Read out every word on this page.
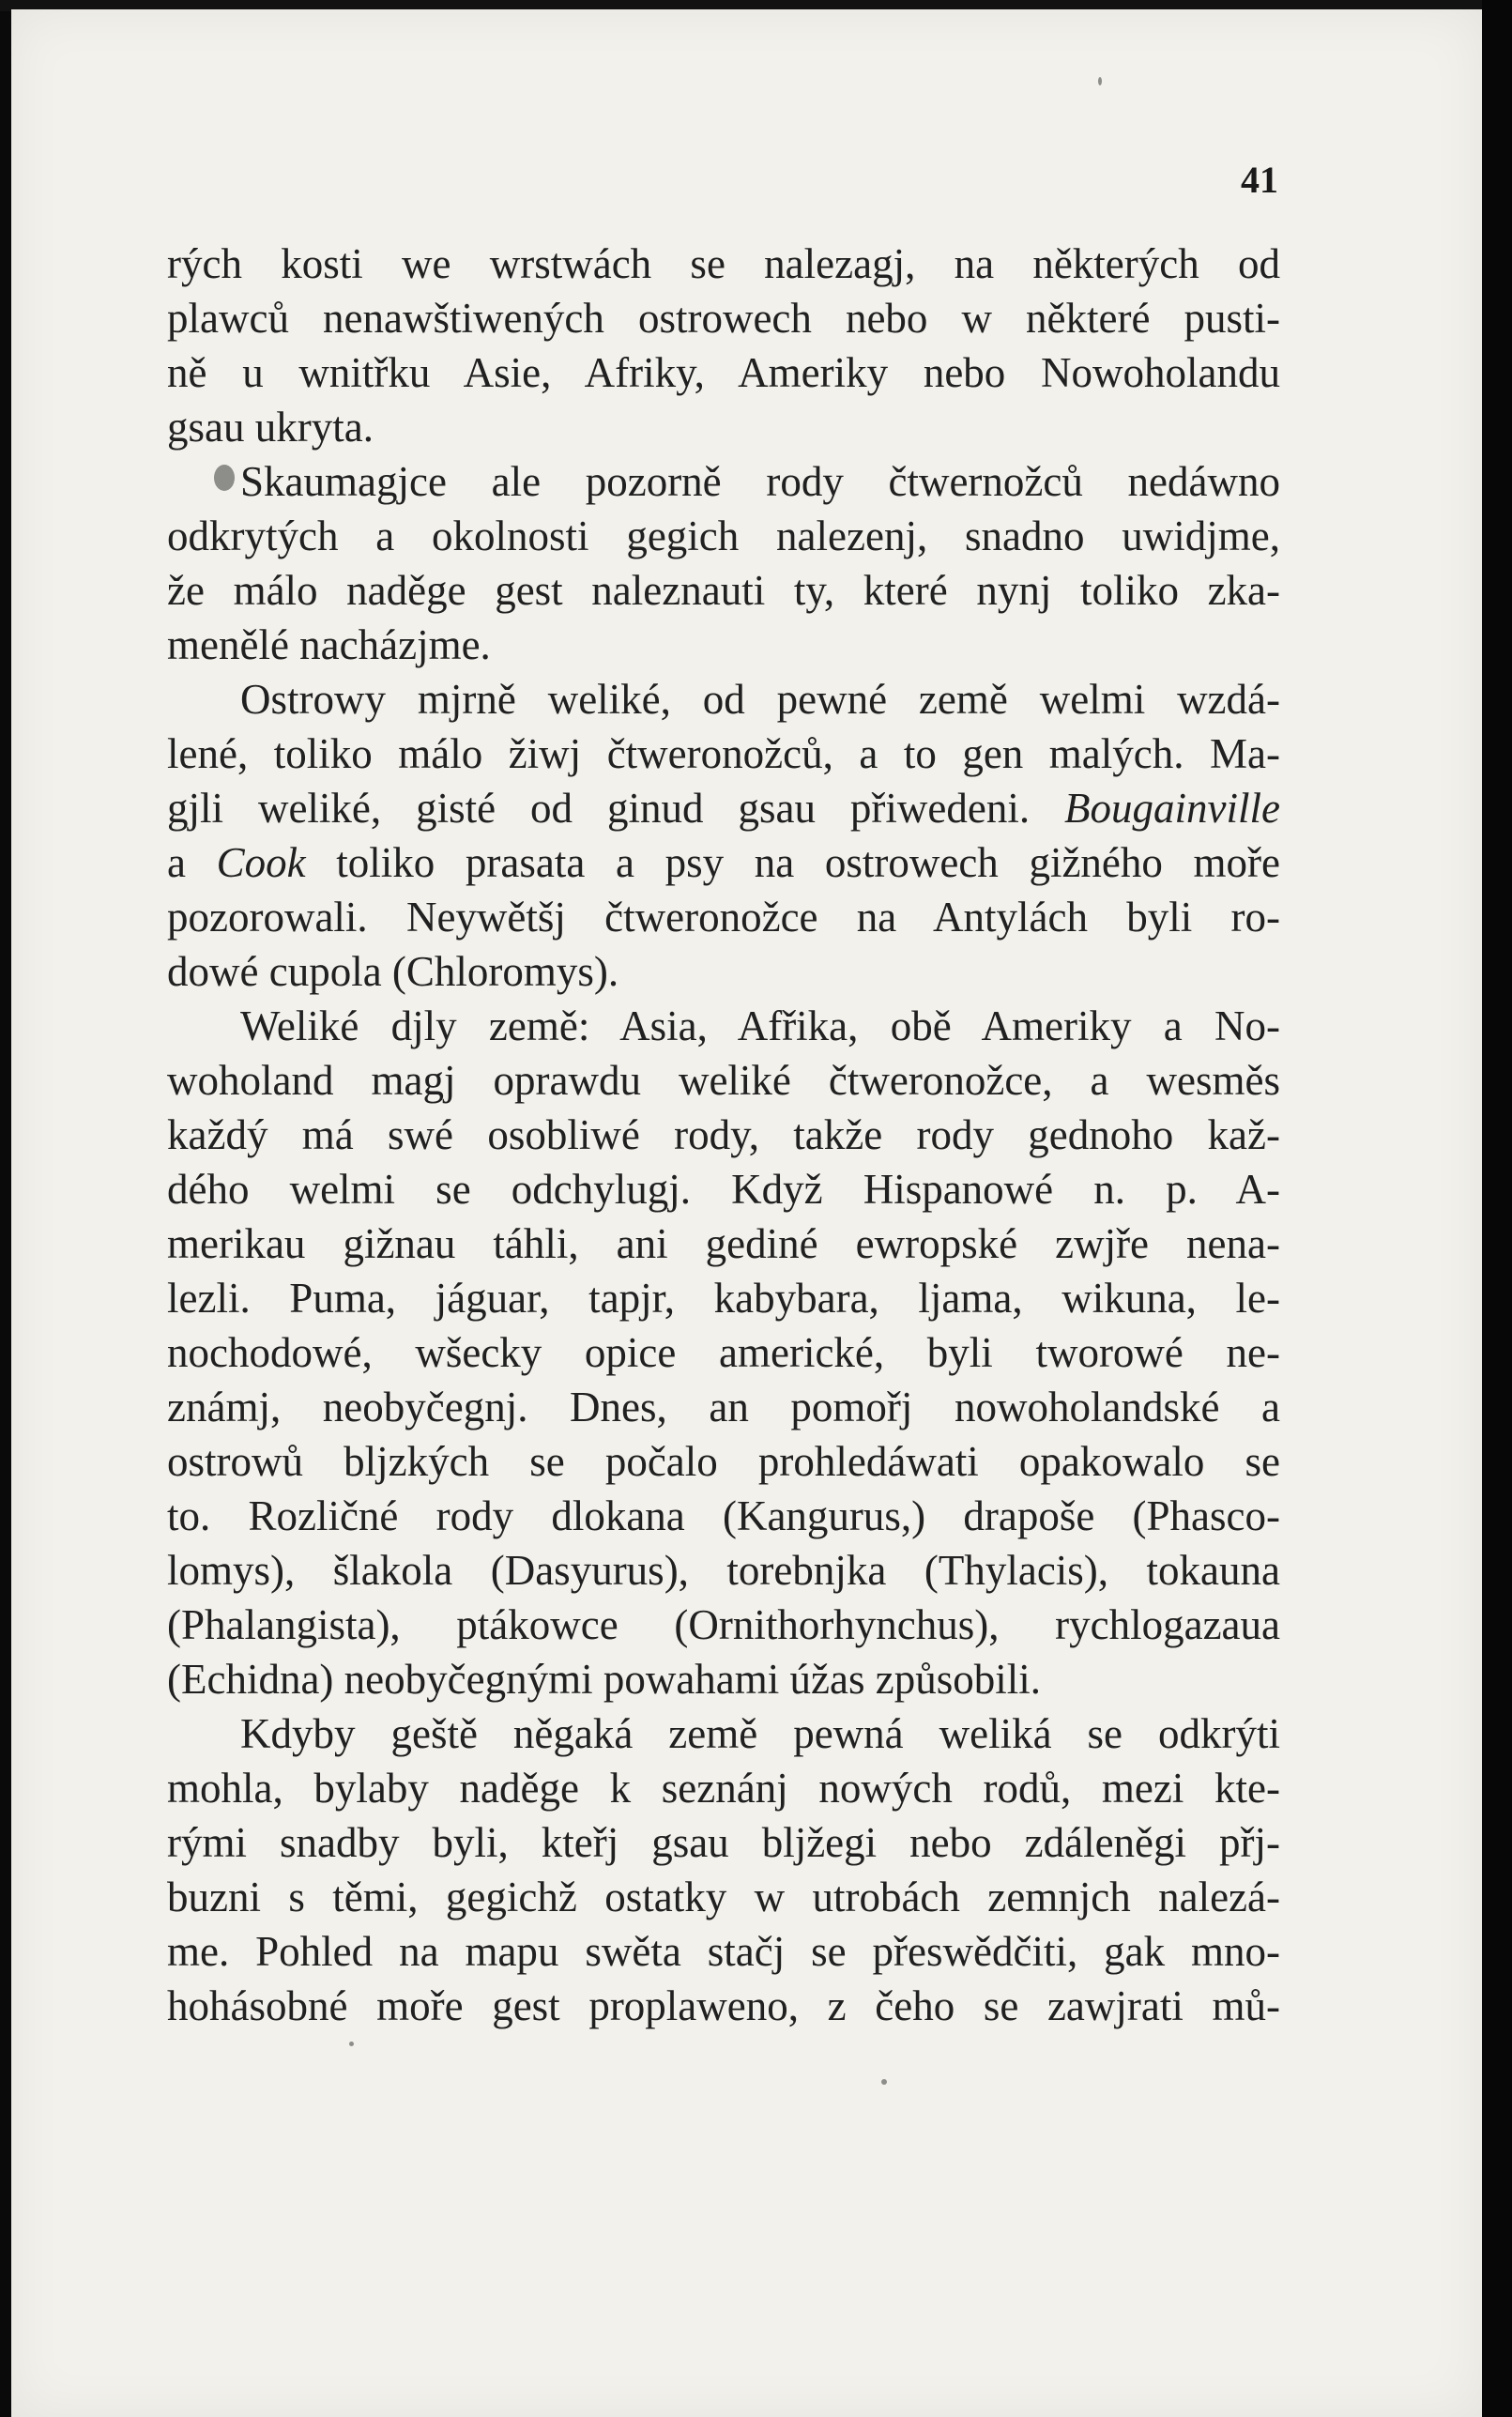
41
rých kosti we wrstwách se nalezagj, na některých od
plawců nenawštiwených ostrowech nebo w některé pusti-
ně u wnitřku Asie, Afriky, Ameriky nebo Nowoholandu
gsau ukryta.
Skaumagjce ale pozorně rody čtwernožců nedáwno
odkrytých a okolnosti gegich nalezenj, snadno uwidjme,
že málo naděge gest naleznauti ty, které nynj toliko zka-
menělé nacházjme.
Ostrowy mjrně weliké, od pewné země welmi wzdá-
lené, toliko málo žiwj čtweronožců, a to gen malých. Ma-
gjli weliké, gisté od ginud gsau přiwedeni. Bougainville
a Cook toliko prasata a psy na ostrowech gižného moře
pozorowali. Neywětšj čtweronožce na Antylách byli ro-
dowé cupola (Chloromys).
Weliké djly země: Asia, Afřika, obě Ameriky a No-
woholand magj oprawdu weliké čtweronožce, a wesměs
každý má swé osobliwé rody, takže rody gednoho kaž-
dého welmi se odchylugj. Když Hispanowé n. p. A-
merikau gižnau táhli, ani gediné ewropské zwjře nena-
lezli. Puma, jáguar, tapjr, kabybara, ljama, wikuna, le-
nochodowé, wšecky opice americké, byli tworowé ne-
známj, neobyčegnj. Dnes, an pomořj nowoholandské a
ostrowů bljzkých se počalo prohledáwati opakowalo se
to. Rozličné rody dlokana (Kangurus,) drapoše (Phasco-
lomys), šlakola (Dasyurus), torebnjka (Thylacis), tokauna
(Phalangista), ptákowce (Ornithorhynchus), rychlogazaua
(Echidna) neobyčegnými powahami úžas způsobili.
Kdyby geště něgaká země pewná weliká se odkrýti
mohla, bylaby naděge k seznánj nowých rodů, mezi kte-
rými snadby byli, kteřj gsau bljžegi nebo zdáleněgi přj-
buzni s těmi, gegichž ostatky w utrobách zemnjch nalezá-
me. Pohled na mapu swěta stačj se přeswědčiti, gak mno-
hohásobné moře gest proplaweno, z čeho se zawjrati mů-
